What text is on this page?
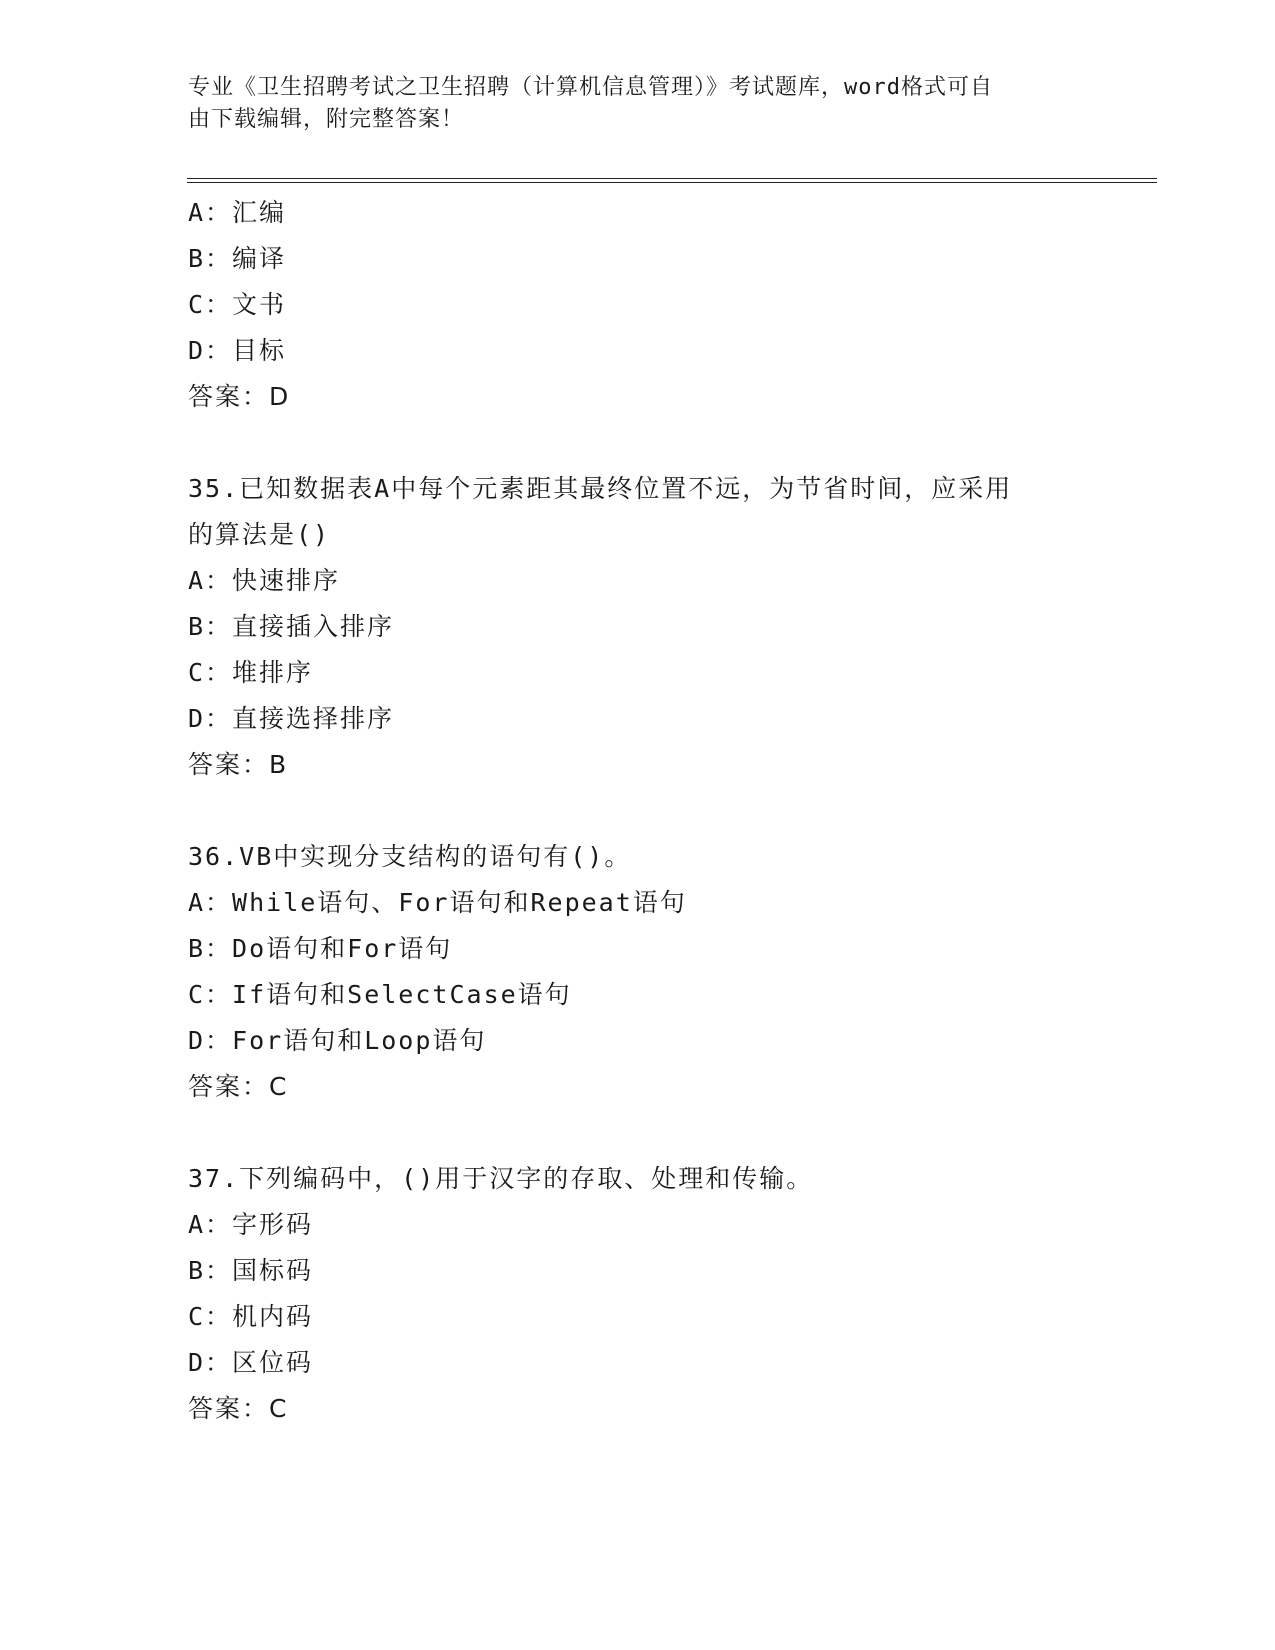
专业《卫生招聘考试之卫生招聘（计算机信息管理）》考试题库，word格式可自
由下载编辑，附完整答案！
A：汇编
B：编译
C：文书
D：目标
答案：D
35.已知数据表A中每个元素距其最终位置不远，为节省时间，应采用
的算法是()
A：快速排序
B：直接插入排序
C：堆排序
D：直接选择排序
答案：B
36.VB中实现分支结构的语句有()。
A：While语句、For语句和Repeat语句
B：Do语句和For语句
C：If语句和SelectCase语句
D：For语句和Loop语句
答案：C
37.下列编码中，()用于汉字的存取、处理和传输。
A：字形码
B：国标码
C：机内码
D：区位码
答案：C
